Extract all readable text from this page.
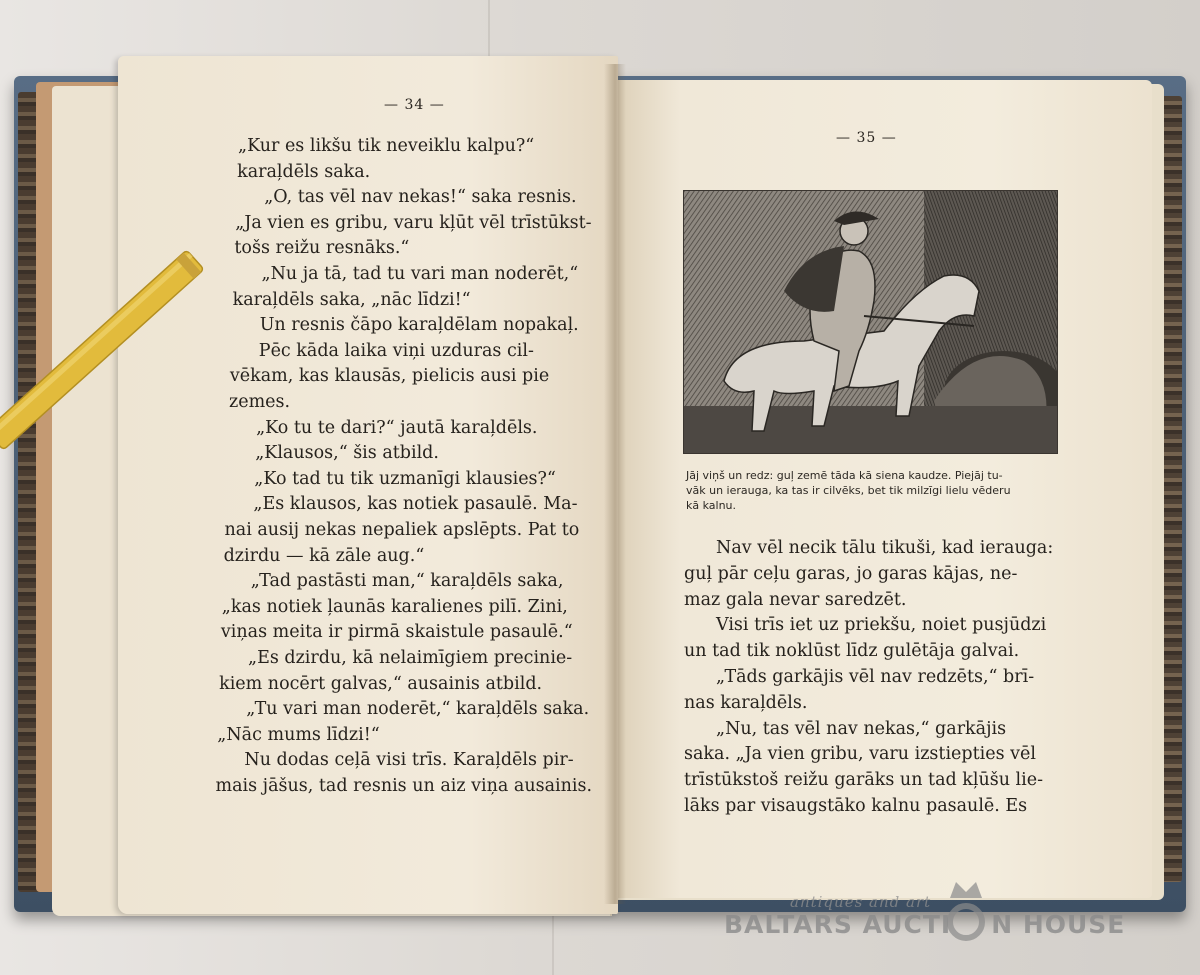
— 34 —
— 35 —
„Kur es likšu tik neveiklu kalpu?“
karaļdēls saka.
„O, tas vēl nav nekas!“ saka resnis.
„Ja vien es gribu, varu kļūt vēl trīstūkst-
tošs reižu resnāks.“
„Nu ja tā, tad tu vari man noderēt,“
karaļdēls saka, „nāc līdzi!“
Un resnis čāpo karaļdēlam nopakaļ.
Pēc kāda laika viņi uzduras cil-
vēkam, kas klausās, pielicis ausi pie
zemes.
„Ko tu te dari?“ jautā karaļdēls.
„Klausos,“ šis atbild.
„Ko tad tu tik uzmanīgi klausies?“
„Es klausos, kas notiek pasaulē. Ma-
nai ausij nekas nepaliek apslēpts. Pat to
dzirdu — kā zāle aug.“
„Tad pastāsti man,“ karaļdēls saka,
„kas notiek ļaunās karalienes pilī. Zini,
viņas meita ir pirmā skaistule pasaulē.“
„Es dzirdu, kā nelaimīgiem precinie-
kiem nocērt galvas,“ ausainis atbild.
„Tu vari man noderēt,“ karaļdēls saka.
„Nāc mums līdzi!“
Nu dodas ceļā visi trīs. Karaļdēls pir-
mais jāšus, tad resnis un aiz viņa ausainis.
Jāj viņš un redz: guļ zemē tāda kā siena kaudze. Piejāj tu-
vāk un ierauga, ka tas ir cilvēks, bet tik milzīgi lielu vēderu
kā kalnu.
Nav vēl necik tālu tikuši, kad ierauga:
guļ pār ceļu garas, jo garas kājas, ne-
maz gala nevar saredzēt.
Visi trīs iet uz priekšu, noiet pusjūdzi
un tad tik noklūst līdz gulētāja galvai.
„Tāds garkājis vēl nav redzēts,“ brī-
nas karaļdēls.
„Nu, tas vēl nav nekas,“ garkājis
saka. „Ja vien gribu, varu izstiepties vēl
trīstūkstoš reižu garāks un tad kļūšu lie-
lāks par visaugstāko kalnu pasaulē. Es
antiques and art
BALTARS AUCTI N HOUSE
